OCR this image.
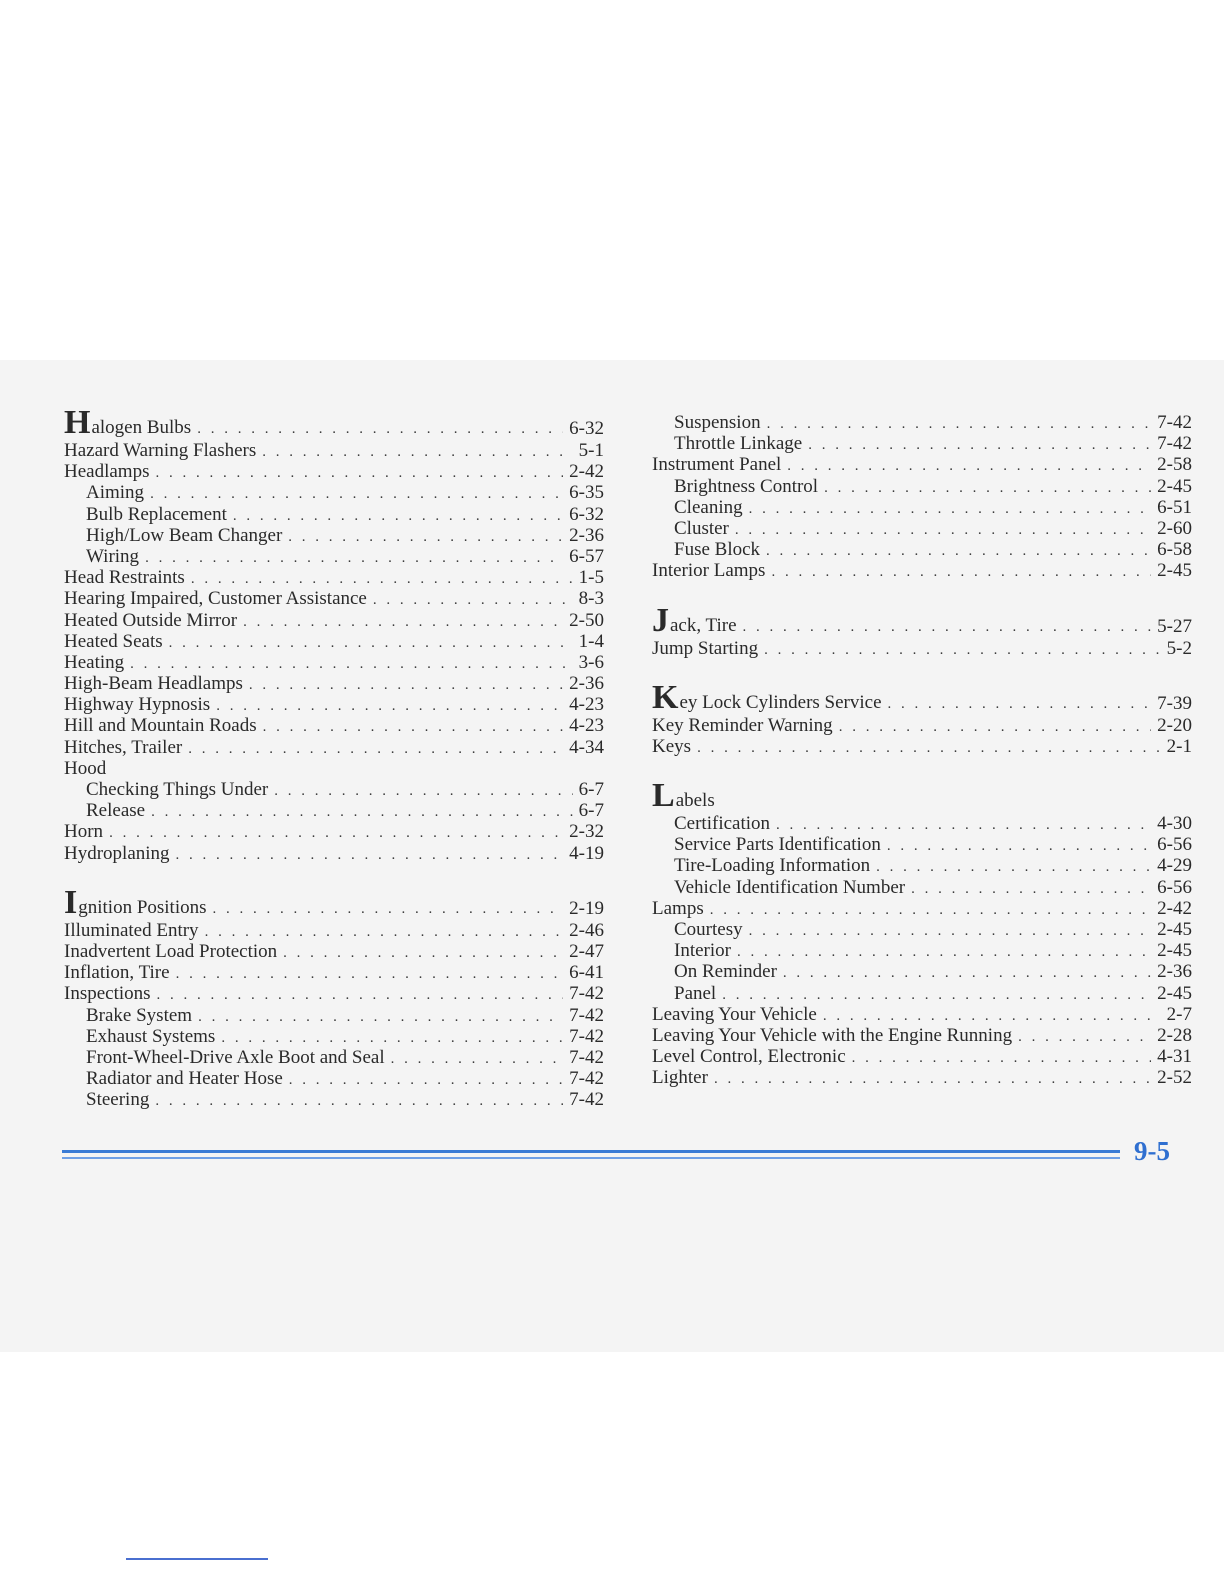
Halogen Bulbs . . .	6-32
Hazard Warning Flashers . . .	5-1
Headlamps . . .	2-42
Aiming . . .	6-35
Bulb Replacement . . .	6-32
High/Low Beam Changer . . .	2-36
Wiring . . .	6-57
Head Restraints . . .	1-5
Hearing Impaired, Customer Assistance . . .	8-3
Heated Outside Mirror . . .	2-50
Heated Seats . . .	1-4
Heating . . .	3-6
High-Beam Headlamps . . .	2-36
Highway Hypnosis . . .	4-23
Hill and Mountain Roads . . .	4-23
Hitches, Trailer . . .	4-34
Hood
Checking Things Under . . .	6-7
Release . . .	6-7
Horn . . .	2-32
Hydroplaning . . .	4-19
Ignition Positions . . .	2-19
Illuminated Entry . . .	2-46
Inadvertent Load Protection . . .	2-47
Inflation, Tire . . .	6-41
Inspections . . .	7-42
Brake System . . .	7-42
Exhaust Systems . . .	7-42
Front-Wheel-Drive Axle Boot and Seal . . .	7-42
Radiator and Heater Hose . . .	7-42
Steering . . .	7-42
Suspension . . .	7-42
Throttle Linkage . . .	7-42
Instrument Panel . . .	2-58
Brightness Control . . .	2-45
Cleaning . . .	6-51
Cluster . . .	2-60
Fuse Block . . .	6-58
Interior Lamps . . .	2-45
Jack, Tire . . .	5-27
Jump Starting . . .	5-2
Key Lock Cylinders Service . . .	7-39
Key Reminder Warning . . .	2-20
Keys . . .	2-1
Labels
Certification . . .	4-30
Service Parts Identification . . .	6-56
Tire-Loading Information . . .	4-29
Vehicle Identification Number . . .	6-56
Lamps . . .	2-42
Courtesy . . .	2-45
Interior . . .	2-45
On Reminder . . .	2-36
Panel . . .	2-45
Leaving Your Vehicle . . .	2-7
Leaving Your Vehicle with the Engine Running . . .	2-28
Level Control, Electronic . . .	4-31
Lighter . . .	2-52
9-5
